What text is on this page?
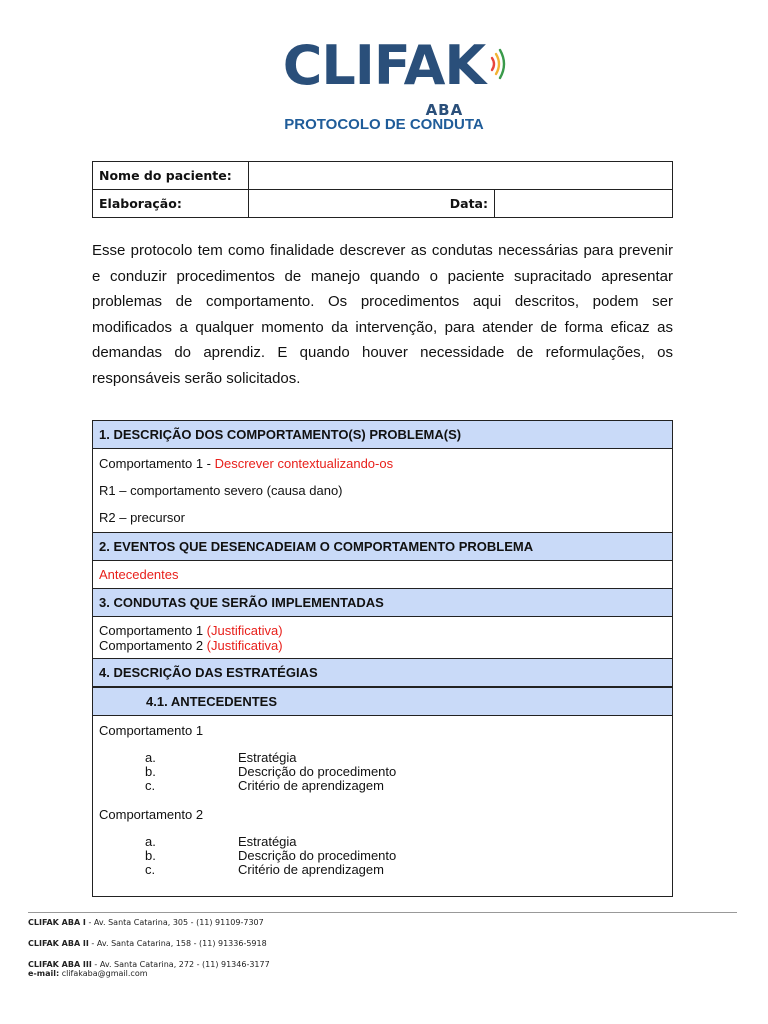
CLIFAK
ABA
PROTOCOLO DE CONDUTA
Nome do paciente:		
Elaboração:	Data:	
Esse protocolo tem como finalidade descrever as condutas necessárias para prevenir e conduzir procedimentos de manejo quando o paciente supracitado apresentar problemas de comportamento. Os procedimentos aqui descritos, podem ser modificados a qualquer momento da intervenção, para atender de forma eficaz as demandas do aprendiz. E quando houver necessidade de reformulações, os responsáveis serão solicitados.
1. DESCRIÇÃO DOS COMPORTAMENTO(S) PROBLEMA(S)
Comportamento 1 - Descrever contextualizando-os
R1 – comportamento severo (causa dano)
R2 – precursor
2. EVENTOS QUE DESENCADEIAM O COMPORTAMENTO PROBLEMA
Antecedentes
3. CONDUTAS QUE SERÃO IMPLEMENTADAS
Comportamento 1 (Justificativa)
Comportamento 2 (Justificativa)
4. DESCRIÇÃO DAS ESTRATÉGIAS
4.1. ANTECEDENTES
Comportamento 1
a.	Estratégia
b.	Descrição do procedimento
c.	Critério de aprendizagem
Comportamento 2
a.	Estratégia
b.	Descrição do procedimento
c.	Critério de aprendizagem
CLIFAK ABA I - Av. Santa Catarina, 305 - (11) 91109-7307
CLIFAK ABA II - Av. Santa Catarina, 158 - (11) 91336-5918
CLIFAK ABA III - Av. Santa Catarina, 272 - (11) 91346-3177
e-mail: clifakaba@gmail.com
